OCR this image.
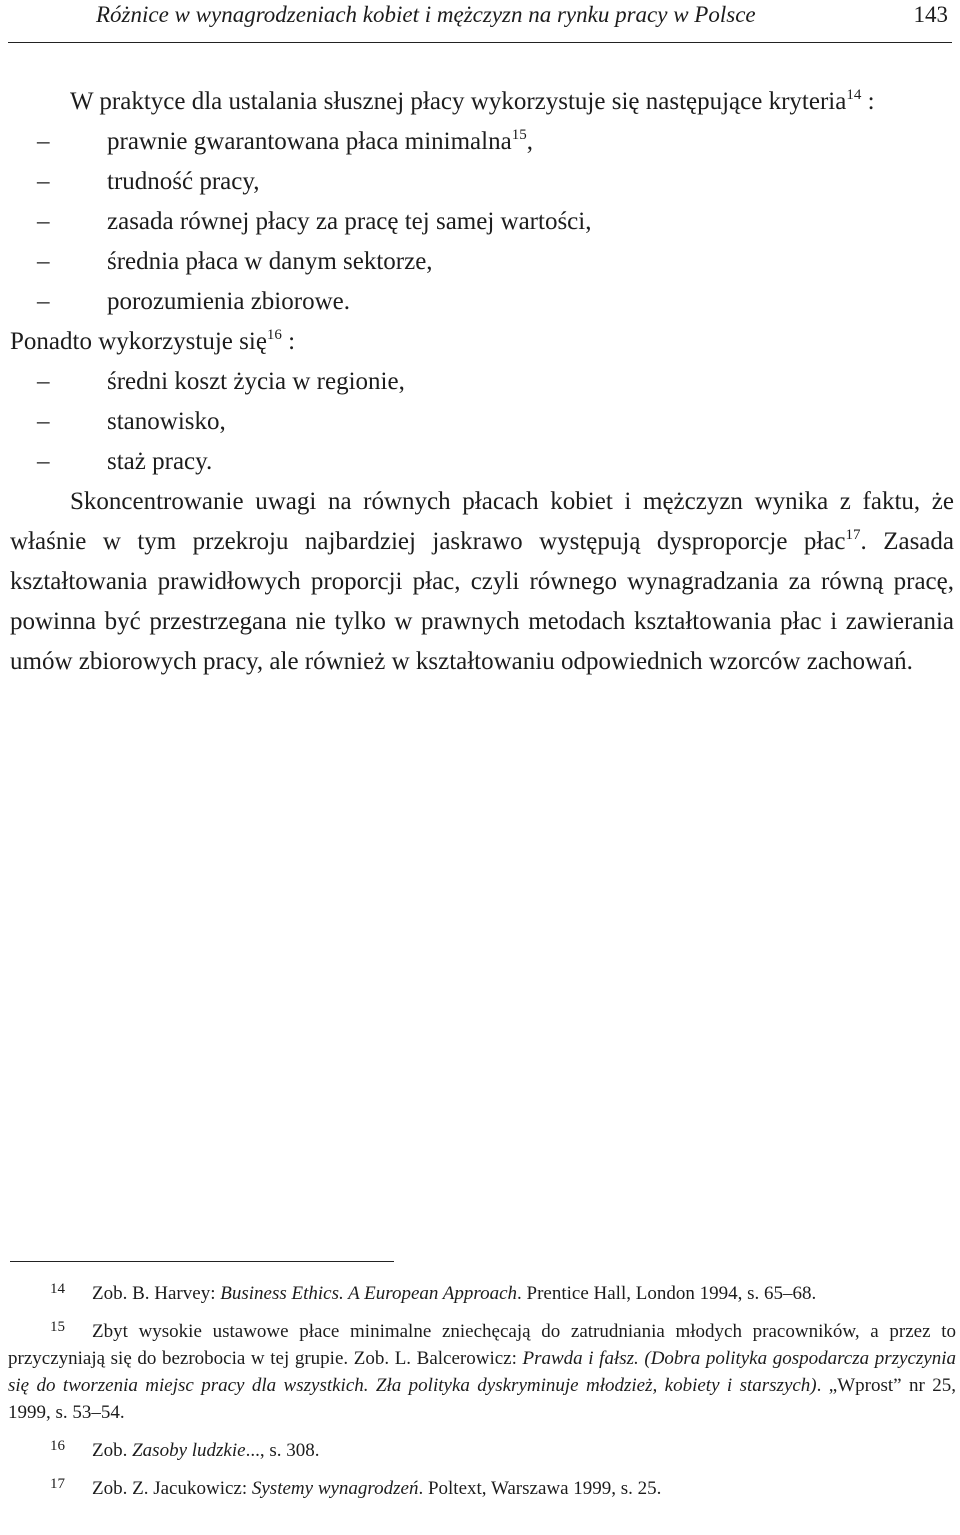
Różnice w wynagrodzeniach kobiet i mężczyzn na rynku pracy w Polsce	143

W praktyce dla ustalania słusznej płacy wykorzystuje się następujące kryteria$^{14}$ :

– prawnie gwarantowana płaca minimalna$^{15}$,
– trudność pracy,
– zasada równej płacy za pracę tej samej wartości,
– średnia płaca w danym sektorze,
– porozumienia zbiorowe.

Ponadto wykorzystuje się$^{16}$ :

– średni koszt życia w regionie,
– stanowisko,
– staż pracy.

Skoncentrowanie uwagi na równych płacach kobiet i mężczyzn wynika z faktu, że właśnie w tym przekroju najbardziej jaskrawo występują dysproporcje płac$^{17}$. Zasada kształtowania prawidłowych proporcji płac, czyli równego wynagradzania za równą pracę, powinna być przestrzegana nie tylko w prawnych metodach kształtowania płac i zawierania umów zbiorowych pracy, ale również w kształtowaniu odpowiednich wzorców zachowań.

14 Zob. B. Harvey: Business Ethics. A European Approach. Prentice Hall, London 1994, s. 65–68.

15 Zbyt wysokie ustawowe płace minimalne zniechęcają do zatrudniania młodych pracowników, a przez to przyczyniają się do bezrobocia w tej grupie. Zob. L. Balcerowicz: Prawda i fałsz. (Dobra polityka gospodarcza przyczynia się do tworzenia miejsc pracy dla wszystkich. Zła polityka dyskryminuje młodzież, kobiety i starszych). „Wprost” nr 25, 1999, s. 53–54.

16 Zob. Zasoby ludzkie..., s. 308.

17 Zob. Z. Jacukowicz: Systemy wynagrodzeń. Poltext, Warszawa 1999, s. 25.
